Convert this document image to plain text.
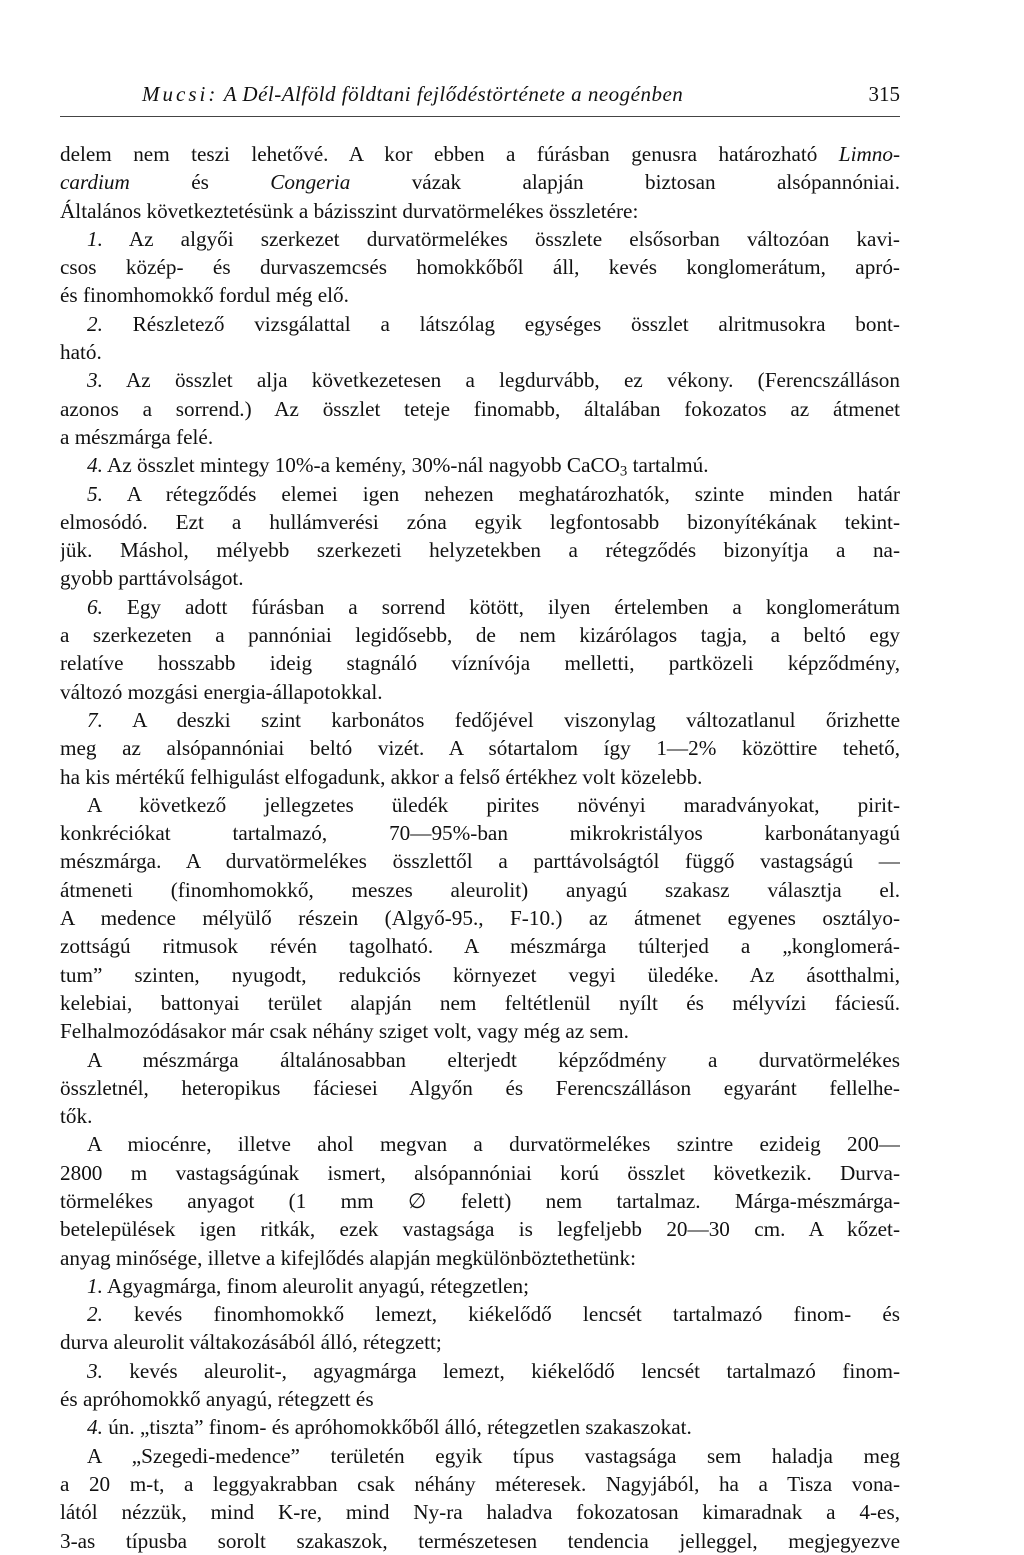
Mucsi: A Dél-Alföld földtani fejlődéstörténete a neogénben	315
delem nem teszi lehetővé. A kor ebben a fúrásban genusra határozható Limno-
cardium és Congeria vázak alapján biztosan alsópannóniai.
Általános következtetésünk a bázisszint durvatörmelékes összletére:
1. Az algyői szerkezet durvatörmelékes összlete elsősorban változóan kavi-
csos közép- és durvaszemcsés homokkőből áll, kevés konglomerátum, apró-
és finomhomokkő fordul még elő.
2. Részletező vizsgálattal a látszólag egységes összlet alritmusokra bont-
ható.
3. Az összlet alja következetesen a legdurvább, ez vékony. (Ferencszálláson
azonos a sorrend.) Az összlet teteje finomabb, általában fokozatos az átmenet
a mészmárga felé.
4. Az összlet mintegy 10%-a kemény, 30%-nál nagyobb CaCO$_3$ tartalmú.
5. A rétegződés elemei igen nehezen meghatározhatók, szinte minden határ
elmosódó. Ezt a hullámverési zóna egyik legfontosabb bizonyítékának tekint-
jük. Máshol, mélyebb szerkezeti helyzetekben a rétegződés bizonyítja a na-
gyobb parttávolságot.
6. Egy adott fúrásban a sorrend kötött, ilyen értelemben a konglomerátum
a szerkezeten a pannóniai legidősebb, de nem kizárólagos tagja, a beltó egy
relatíve hosszabb ideig stagnáló víznívója melletti, partközeli képződmény,
változó mozgási energia-állapotokkal.
7. A deszki szint karbonátos fedőjével viszonylag változatlanul őrizhette
meg az alsópannóniai beltó vizét. A sótartalom így 1—2% közöttire tehető,
ha kis mértékű felhigulást elfogadunk, akkor a felső értékhez volt közelebb.
A következő jellegzetes üledék pirites növényi maradványokat, pirit-
konkréciókat tartalmazó, 70—95%-ban mikrokristályos karbonátanyagú
mészmárga. A durvatörmelékes összlettől a parttávolságtól függő vastagságú —
átmeneti (finomhomokkő, meszes aleurolit) anyagú szakasz választja el.
A medence mélyülő részein (Algyő-95., F-10.) az átmenet egyenes osztályo-
zottságú ritmusok révén tagolható. A mészmárga túlterjed a „konglomerá-
tum” szinten, nyugodt, redukciós környezet vegyi üledéke. Az ásotthalmi,
kelebiai, battonyai terület alapján nem feltétlenül nyílt és mélyvízi fáciesű.
Felhalmozódásakor már csak néhány sziget volt, vagy még az sem.
A mészmárga általánosabban elterjedt képződmény a durvatörmelékes
összletnél, heteropikus fáciesei Algyőn és Ferencszálláson egyaránt fellelhe-
tők.
A miocénre, illetve ahol megvan a durvatörmelékes szintre ezideig 200—
2800 m vastagságúnak ismert, alsópannóniai korú összlet következik. Durva-
törmelékes anyagot (1 mm ∅ felett) nem tartalmaz. Márga-mészmárga-
betelepülések igen ritkák, ezek vastagsága is legfeljebb 20—30 cm. A kőzet-
anyag minősége, illetve a kifejlődés alapján megkülönböztethetünk:
1. Agyagmárga, finom aleurolit anyagú, rétegzetlen;
2. kevés finomhomokkő lemezt, kiékelődő lencsét tartalmazó finom- és
durva aleurolit váltakozásából álló, rétegzett;
3. kevés aleurolit-, agyagmárga lemezt, kiékelődő lencsét tartalmazó finom-
és apróhomokkő anyagú, rétegzett és
4. ún. „tiszta” finom- és apróhomokkőből álló, rétegzetlen szakaszokat.
A „Szegedi-medence” területén egyik típus vastagsága sem haladja meg
a 20 m-t, a leggyakrabban csak néhány méteresek. Nagyjából, ha a Tisza vona-
lától nézzük, mind K-re, mind Ny-ra haladva fokozatosan kimaradnak a 4-es,
3-as típusba sorolt szakaszok, természetesen tendencia jelleggel, megjegyezve
